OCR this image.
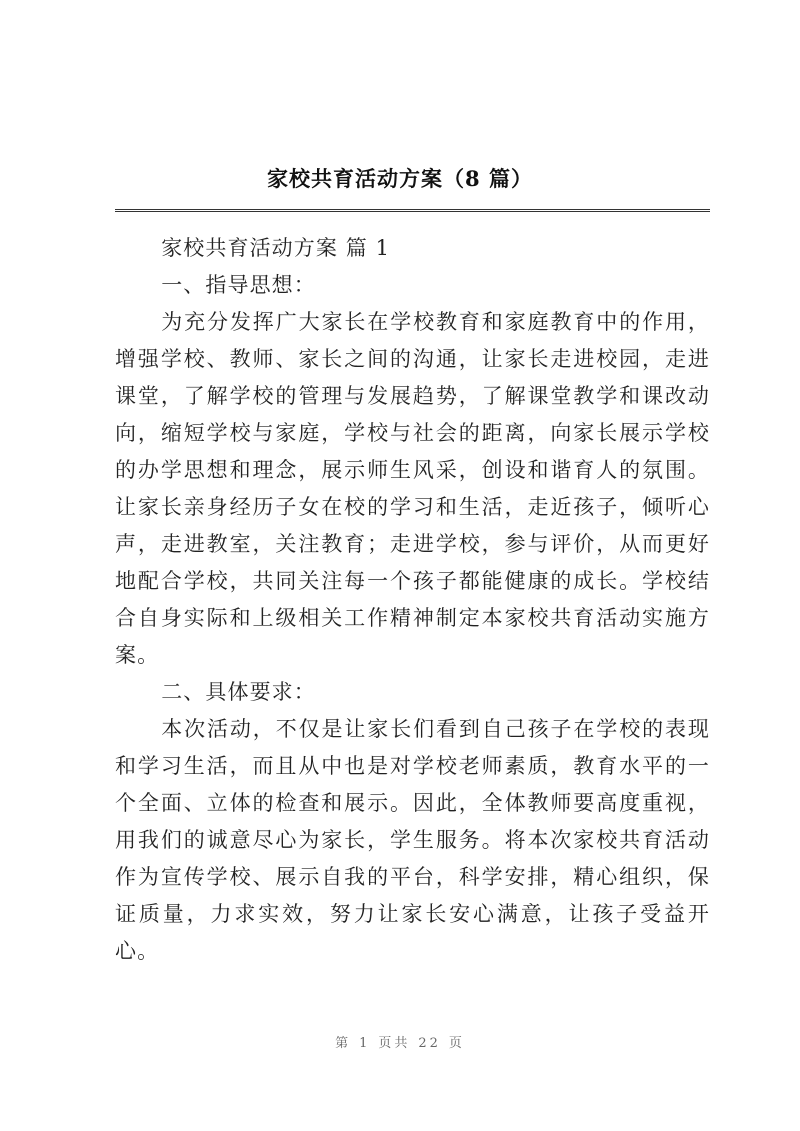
家校共育活动方案（8 篇）

家校共育活动方案 篇 1

一、指导思想：

为充分发挥广大家长在学校教育和家庭教育中的作用，增强学校、教师、家长之间的沟通，让家长走进校园，走进课堂，了解学校的管理与发展趋势，了解课堂教学和课改动向，缩短学校与家庭，学校与社会的距离，向家长展示学校的办学思想和理念，展示师生风采，创设和谐育人的氛围。让家长亲身经历子女在校的学习和生活，走近孩子，倾听心声，走进教室，关注教育；走进学校，参与评价，从而更好地配合学校，共同关注每一个孩子都能健康的成长。学校结合自身实际和上级相关工作精神制定本家校共育活动实施方案。

二、具体要求：

本次活动，不仅是让家长们看到自己孩子在学校的表现和学习生活，而且从中也是对学校老师素质，教育水平的一个全面、立体的检查和展示。因此，全体教师要高度重视，用我们的诚意尽心为家长，学生服务。将本次家校共育活动作为宣传学校、展示自我的平台，科学安排，精心组织，保证质量，力求实效，努力让家长安心满意，让孩子受益开心。

第 1 页共 22 页
